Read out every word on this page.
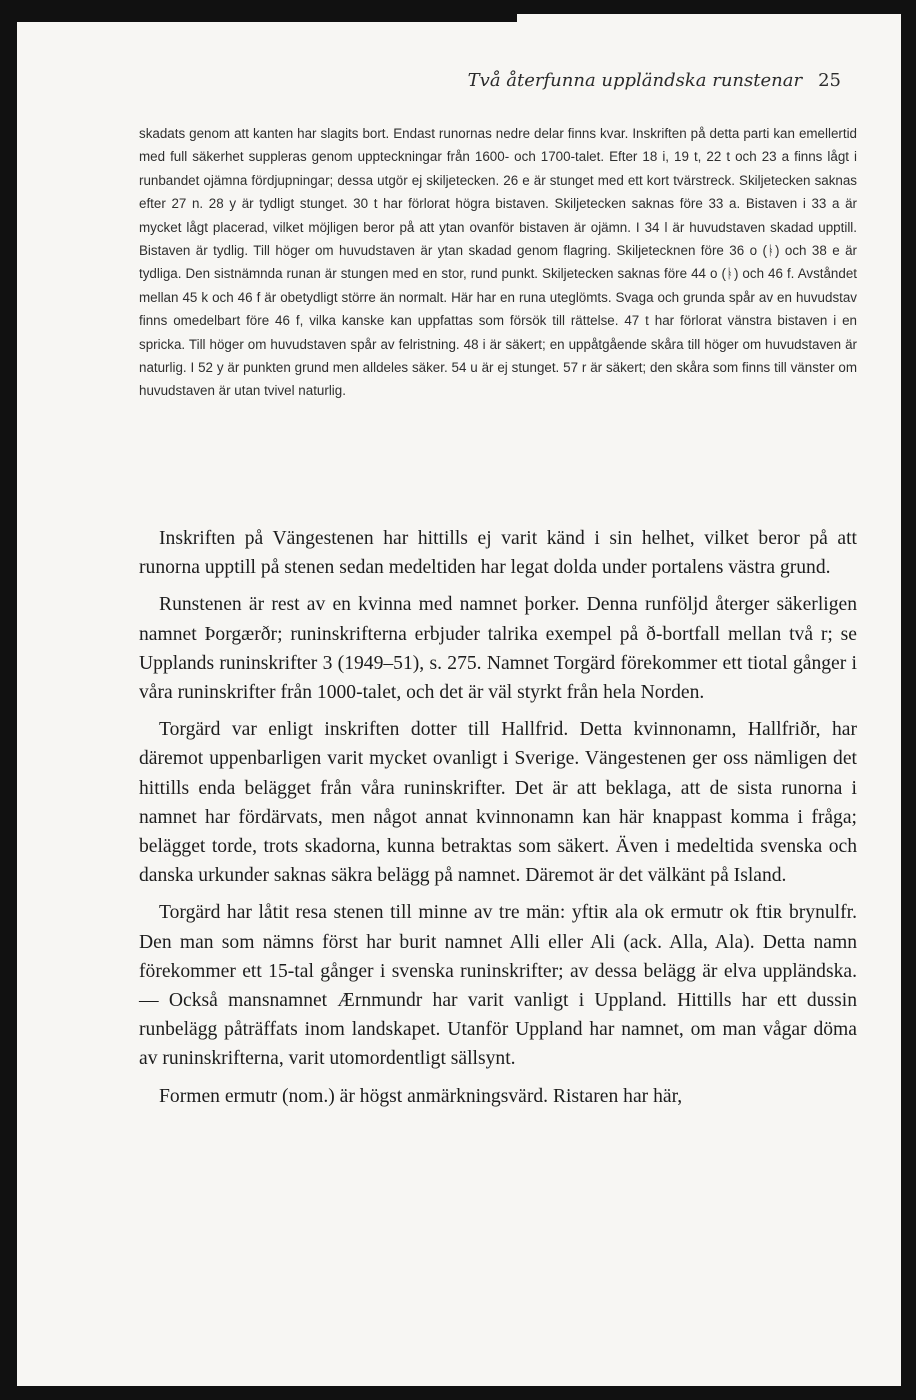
Två återfunna uppländska runstenar 25

skadats genom att kanten har slagits bort. Endast runornas nedre delar finns kvar. Inskriften på detta parti kan emellertid med full säkerhet suppleras genom uppteckningar från 1600- och 1700-talet. Efter 18 i, 19 t, 22 t och 23 a finns lågt i runbandet ojämna fördjupningar; dessa utgör ej skiljetecken. 26 e är stunget med ett kort tvärstreck. Skiljetecken saknas efter 27 n. 28 y är tydligt stunget. 30 t har förlorat högra bistaven. Skiljetecken saknas före 33 a. Bistaven i 33 a är mycket lågt placerad, vilket möjligen beror på att ytan ovanför bistaven är ojämn. I 34 l är huvudstaven skadad upptill. Bistaven är tydlig. Till höger om huvudstaven är ytan skadad genom flagring. Skiljetecknen före 36 o (ᚭ) och 38 e är tydliga. Den sistnämnda runan är stungen med en stor, rund punkt. Skiljetecken saknas före 44 o (ᚭ) och 46 f. Avståndet mellan 45 k och 46 f är obetydligt större än normalt. Här har en runa uteglömts. Svaga och grunda spår av en huvudstav finns omedelbart före 46 f, vilka kanske kan uppfattas som försök till rättelse. 47 t har förlorat vänstra bistaven i en spricka. Till höger om huvudstaven spår av felristning. 48 i är säkert; en uppåtgående skåra till höger om huvudstaven är naturlig. I 52 y är punkten grund men alldeles säker. 54 u är ej stunget. 57 r är säkert; den skåra som finns till vänster om huvudstaven är utan tvivel naturlig.

Inskriften på Vängestenen har hittills ej varit känd i sin helhet, vilket beror på att runorna upptill på stenen sedan medeltiden har legat dolda under portalens västra grund.

Runstenen är rest av en kvinna med namnet þorker. Denna runföljd återger säkerligen namnet Þorgærðr; runinskrifterna erbjuder talrika exempel på ð-bortfall mellan två r; se Upplands runinskrifter 3 (1949–51), s. 275. Namnet Torgärd förekommer ett tiotal gånger i våra runinskrifter från 1000-talet, och det är väl styrkt från hela Norden.

Torgärd var enligt inskriften dotter till Hallfrid. Detta kvinnonamn, Hallfriðr, har däremot uppenbarligen varit mycket ovanligt i Sverige. Vängestenen ger oss nämligen det hittills enda belägget från våra runinskrifter. Det är att beklaga, att de sista runorna i namnet har fördärvats, men något annat kvinnonamn kan här knappast komma i fråga; belägget torde, trots skadorna, kunna betraktas som säkert. Även i medeltida svenska och danska urkunder saknas säkra belägg på namnet. Däremot är det välkänt på Island.

Torgärd har låtit resa stenen till minne av tre män: yftiʀ ala ok ermutr ok ftiʀ brynulfr. Den man som nämns först har burit namnet Alli eller Ali (ack. Alla, Ala). Detta namn förekommer ett 15-tal gånger i svenska runinskrifter; av dessa belägg är elva uppländska. — Också mansnamnet Ærnmundr har varit vanligt i Uppland. Hittills har ett dussin runbelägg påträffats inom landskapet. Utanför Uppland har namnet, om man vågar döma av runinskrifterna, varit utomordentligt sällsynt.

Formen ermutr (nom.) är högst anmärkningsvärd. Ristaren har här,
